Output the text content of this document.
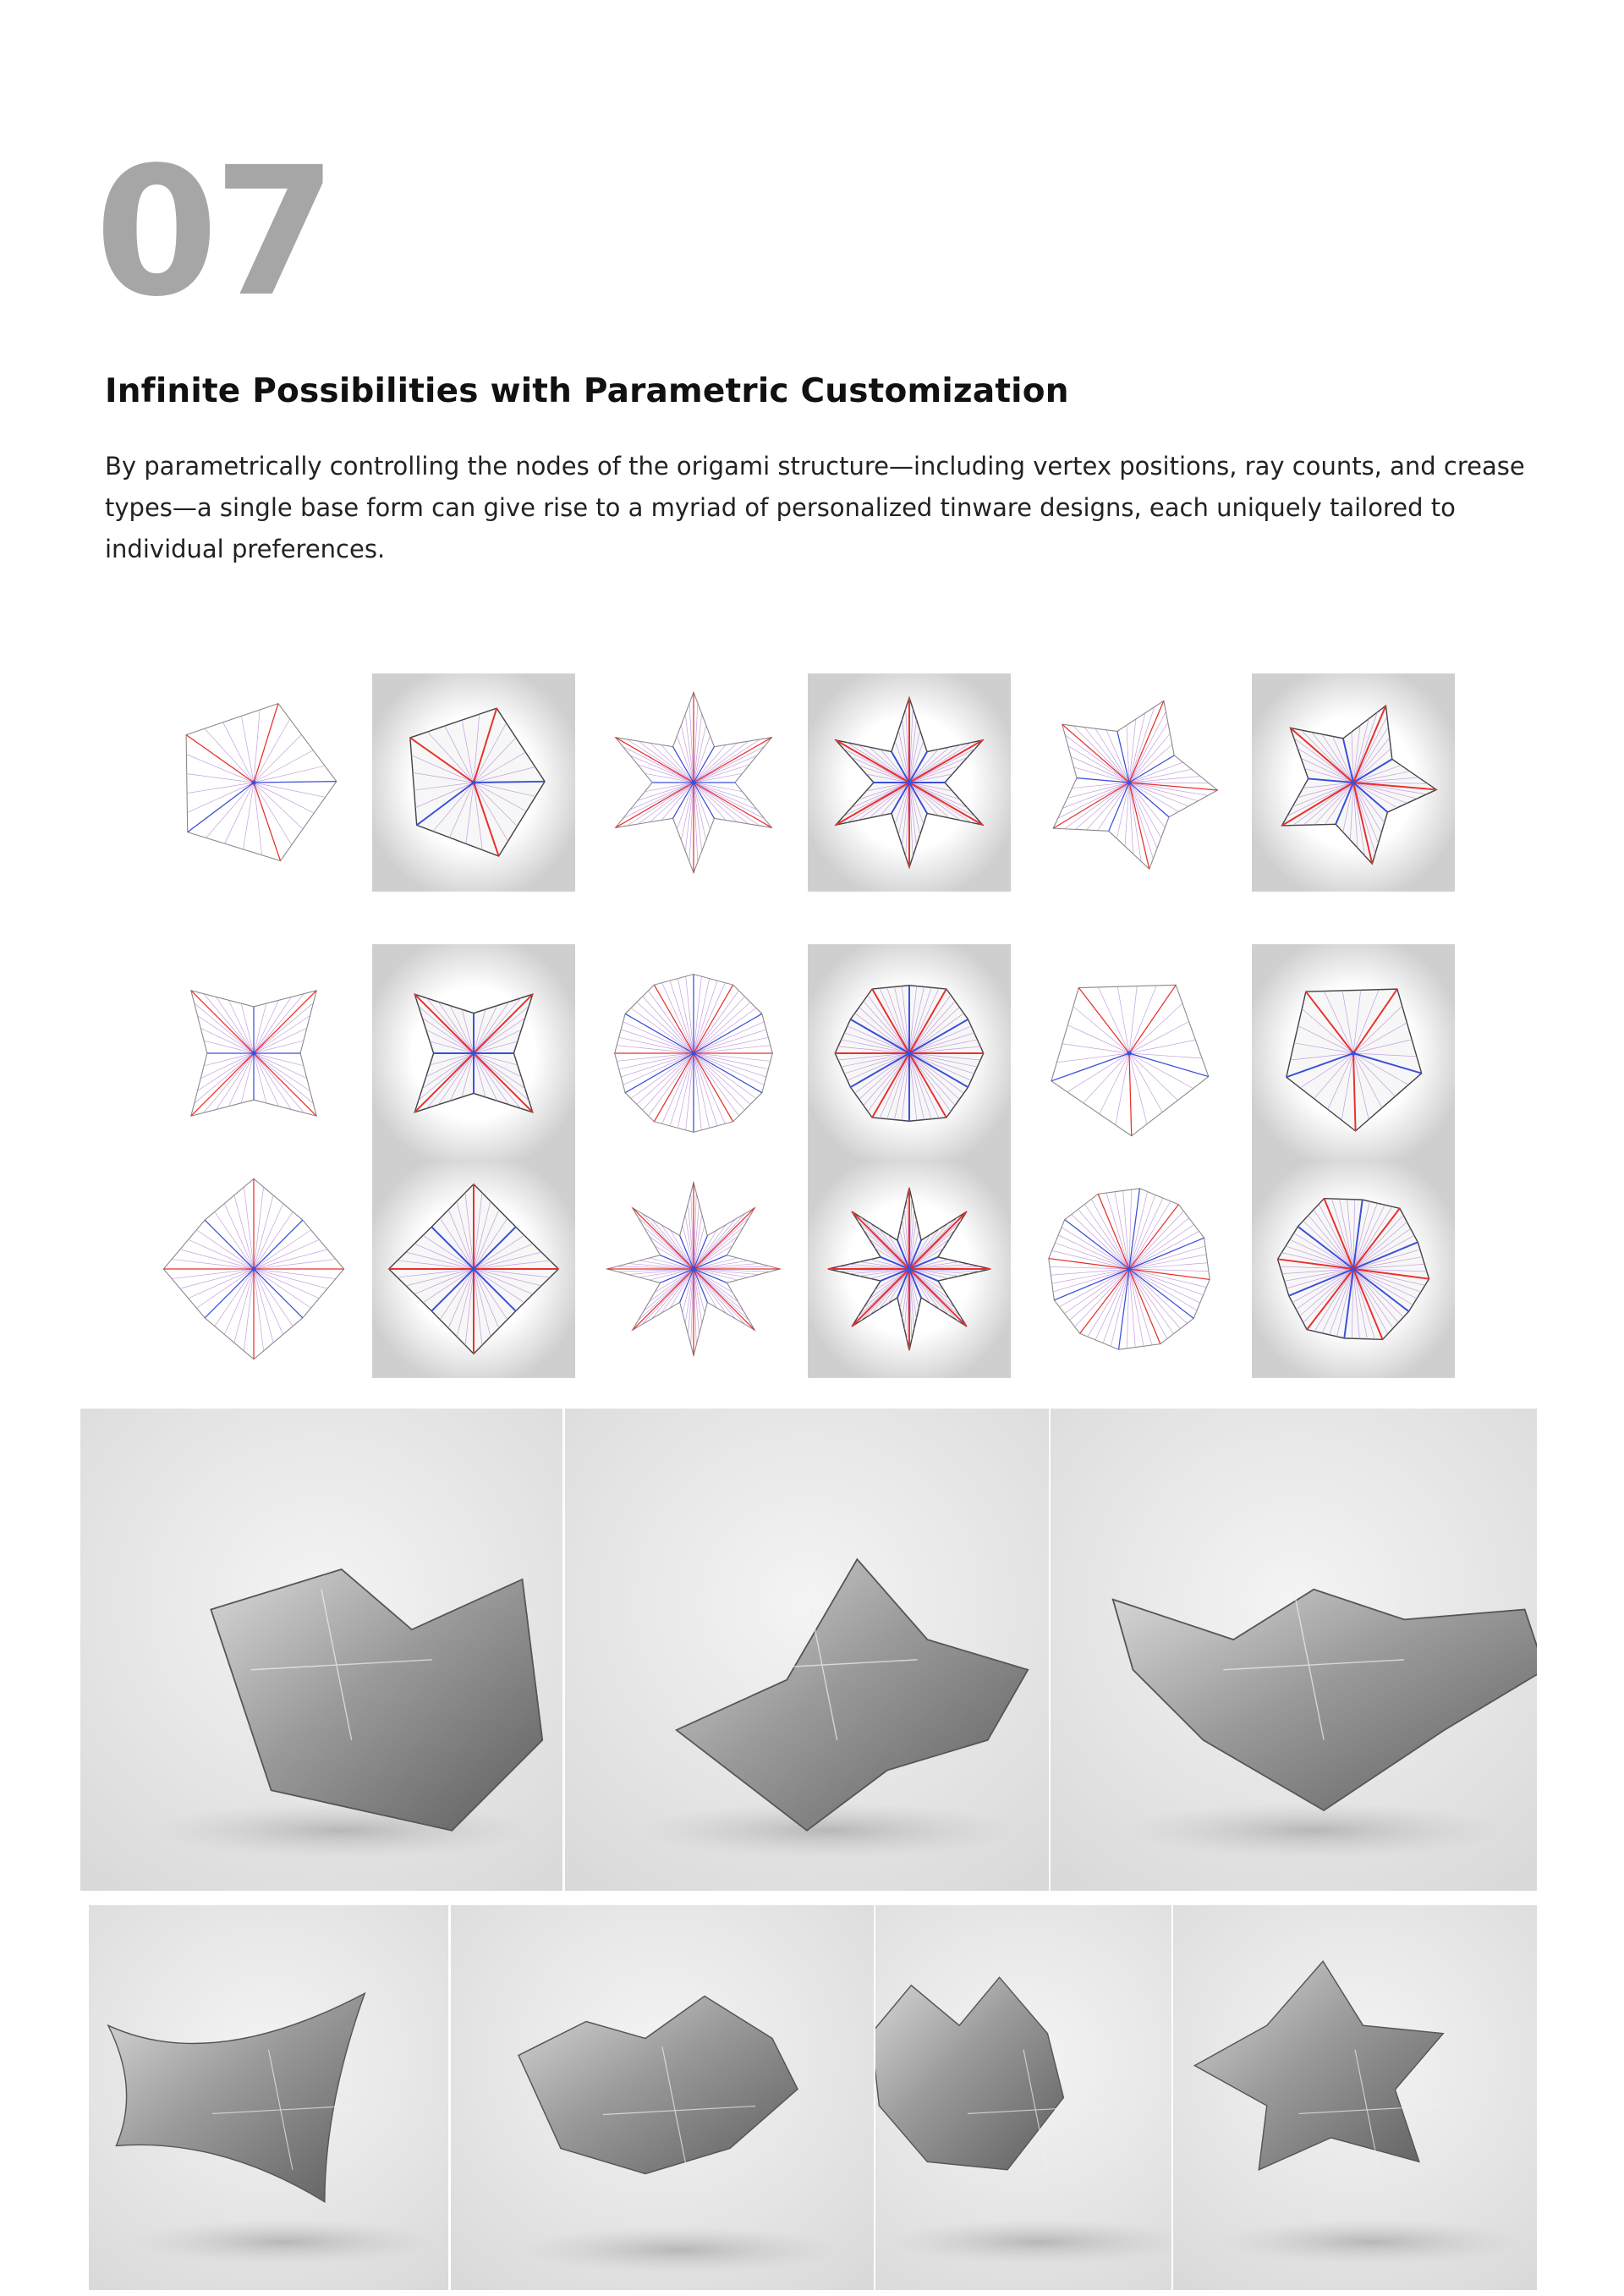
07
Infinite Possibilities with Parametric Customization

By parametrically controlling the nodes of the origami structure—including vertex positions, ray counts, and crease types—a single base form can give rise to a myriad of personalized tinware designs, each uniquely tailored to individual preferences.
